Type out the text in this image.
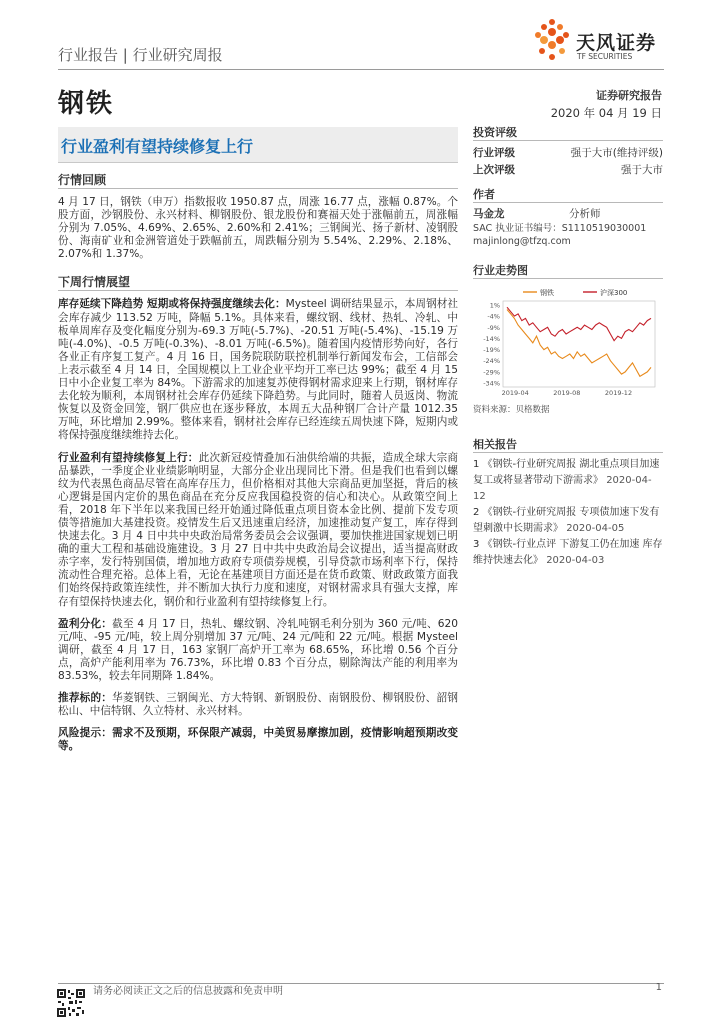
行业报告 | 行业研究周报
天风证券
TF SECURITIES
钢铁	证券研究报告
2020 年 04 月 19 日
行业盈利有望持续修复上行
行情回顾

4 月 17 日，钢铁（申万）指数报收 1950.87 点，周涨 16.77 点，涨幅 0.87%。个股方面，沙钢股份、永兴材料、柳钢股份、银龙股份和赛福天处于涨幅前五，周涨幅分别为 7.05%、4.69%、2.65%、2.60%和 2.41%；三钢闽光、扬子新材、凌钢股份、海南矿业和金洲管道处于跌幅前五，周跌幅分别为 5.54%、2.29%、2.18%、2.07%和 1.37%。

下周行情展望

库存延续下降趋势 短期或将保持强度继续去化：Mysteel 调研结果显示，本周钢材社会库存减少 113.52 万吨，降幅 5.1%。具体来看，螺纹钢、线材、热轧、冷轧、中板单周库存及变化幅度分别为-69.3 万吨(-5.7%)、-20.51 万吨(-5.4%)、-15.19 万吨(-4.0%)、-0.5 万吨(-0.3%)、-8.01 万吨(-6.5%)。随着国内疫情形势向好，各行各业正有序复工复产。4 月 16 日，国务院联防联控机制举行新闻发布会，工信部会上表示截至 4 月 14 日，全国规模以上工业企业平均开工率已达 99%；截至 4 月 15 日中小企业复工率为 84%。下游需求的加速复苏使得钢材需求迎来上行期，钢材库存去化较为顺利，本周钢材社会库存仍延续下降趋势。与此同时，随着人员返岗、物流恢复以及资金回笼，钢厂供应也在逐步释放，本周五大品种钢厂合计产量 1012.35 万吨，环比增加 2.99%。整体来看，钢材社会库存已经连续五周快速下降，短期内或将保持强度继续维持去化。

行业盈利有望持续修复上行：此次新冠疫情叠加石油供给端的共振，造成全球大宗商品暴跌，一季度企业业绩影响明显，大部分企业出现同比下滑。但是我们也看到以螺纹为代表黑色商品尽管在高库存压力，但价格相对其他大宗商品更加坚挺，背后的核心逻辑是国内定价的黑色商品在充分反应我国稳投资的信心和决心。从政策空间上看，2018 年下半年以来我国已经开始通过降低重点项目资本金比例、提前下发专项债等措施加大基建投资。疫情发生后又迅速重启经济，加速推动复产复工，库存得到快速去化。3 月 4 日中共中央政治局常务委员会会议强调，要加快推进国家规划已明确的重大工程和基础设施建设。3 月 27 日中共中央政治局会议提出，适当提高财政赤字率，发行特别国债，增加地方政府专项债券规模，引导贷款市场利率下行，保持流动性合理充裕。总体上看，无论在基建项目方面还是在货币政策、财政政策方面我们始终保持政策连续性，并不断加大执行力度和速度，对钢材需求具有强大支撑，库存有望保持快速去化，钢价和行业盈利有望持续修复上行。

盈利分化：截至 4 月 17 日，热轧、螺纹钢、冷轧吨钢毛利分别为 360 元/吨、620 元/吨、-95 元/吨，较上周分别增加 37 元/吨、24 元/吨和 22 元/吨。根据 Mysteel 调研，截至 4 月 17 日，163 家钢厂高炉开工率为 68.65%，环比增 0.56 个百分点，高炉产能利用率为 76.73%，环比增 0.83 个百分点，剔除淘汰产能的利用率为 83.53%，较去年同期降 1.84%。

推荐标的：华菱钢铁、三钢闽光、方大特钢、新钢股份、南钢股份、柳钢股份、韶钢松山、中信特钢、久立特材、永兴材料。

风险提示：需求不及预期，环保限产减弱，中美贸易摩擦加剧，疫情影响超预期改变等。

投资评级
行业评级	强于大市(维持评级)
上次评级	强于大市
作者
马金龙	分析师
SAC 执业证书编号：S1110519030001
majinlong@tfzq.com
行业走势图
1%
-4%
-9%
-14%
-19%
-24%
-29%
-34%
2019-04	2019-08	2019-12
钢铁	沪深300
资料来源：贝格数据
相关报告
1 《钢铁-行业研究周报 湖北重点项目加速复工或将显著带动下游需求》 2020-04-12
2 《钢铁-行业研究周报 专项债加速下发有望刺激中长期需求》 2020-04-05
3 《钢铁-行业点评 下游复工仍在加速 库存维持快速去化》 2020-04-03
请务必阅读正文之后的信息披露和免责申明	1
